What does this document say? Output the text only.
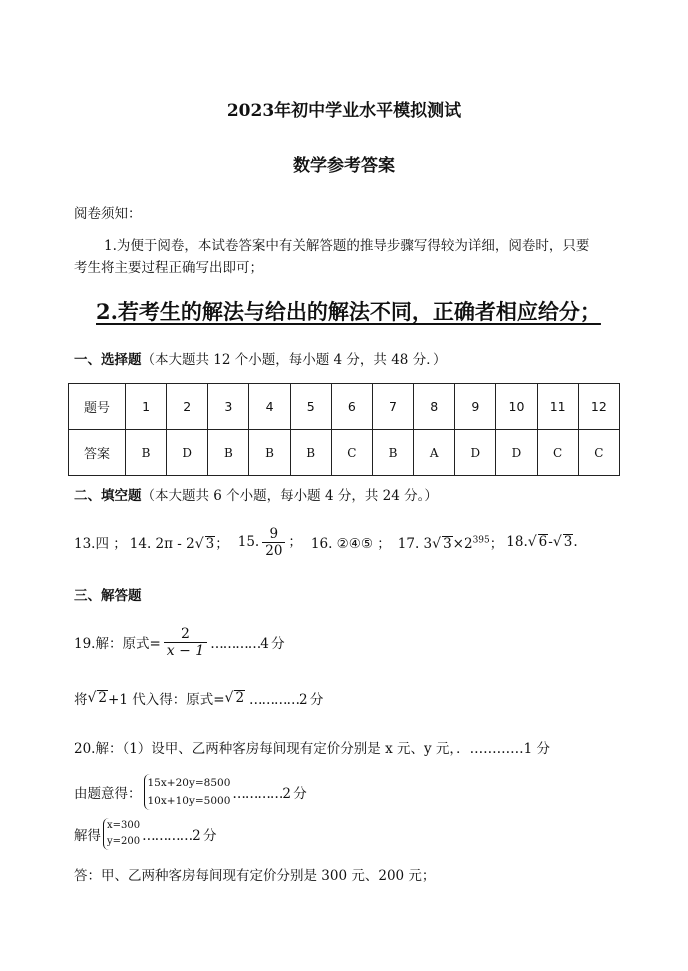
2023年初中学业水平模拟测试
数学参考答案
阅卷须知：
1.为便于阅卷，本试卷答案中有关解答题的推导步骤写得较为详细，阅卷时，只要
考生将主要过程正确写出即可；
2.若考生的解法与给出的解法不同，正确者相应给分；
一、选择题（本大题共 12 个小题，每小题 4 分，共 48 分．）
题号	1	2	3	4	5	6	7	8	9	10	11	12
答案	B	D	B	B	B	C	B	A	D	D	C	C
二、填空题（本大题共 6 个小题，每小题 4 分，共 24 分。）
13.四 ； 14. 2π - 2√ 3； 15. $\frac{9}{20}$ ； 16. ②④⑤ ； 17. 3√ $3\times 2^{395}$； 18.√ 6-√ 3.
三、解答题
19.解：原式= $\frac{2}{x - 1}$ …………4 分
将 √ 2 +1 代入得：原式= √ 2 …………2 分
20.解：（1）设甲、乙两种客房每间现有定价分别是 x 元、y 元，．…………1 分
由题意得：
15x+20y=8500
10x+10y=5000 …………2 分
解得
x=300
y=200 …………2 分
答：甲、乙两种客房每间现有定价分别是 300 元、200 元；
